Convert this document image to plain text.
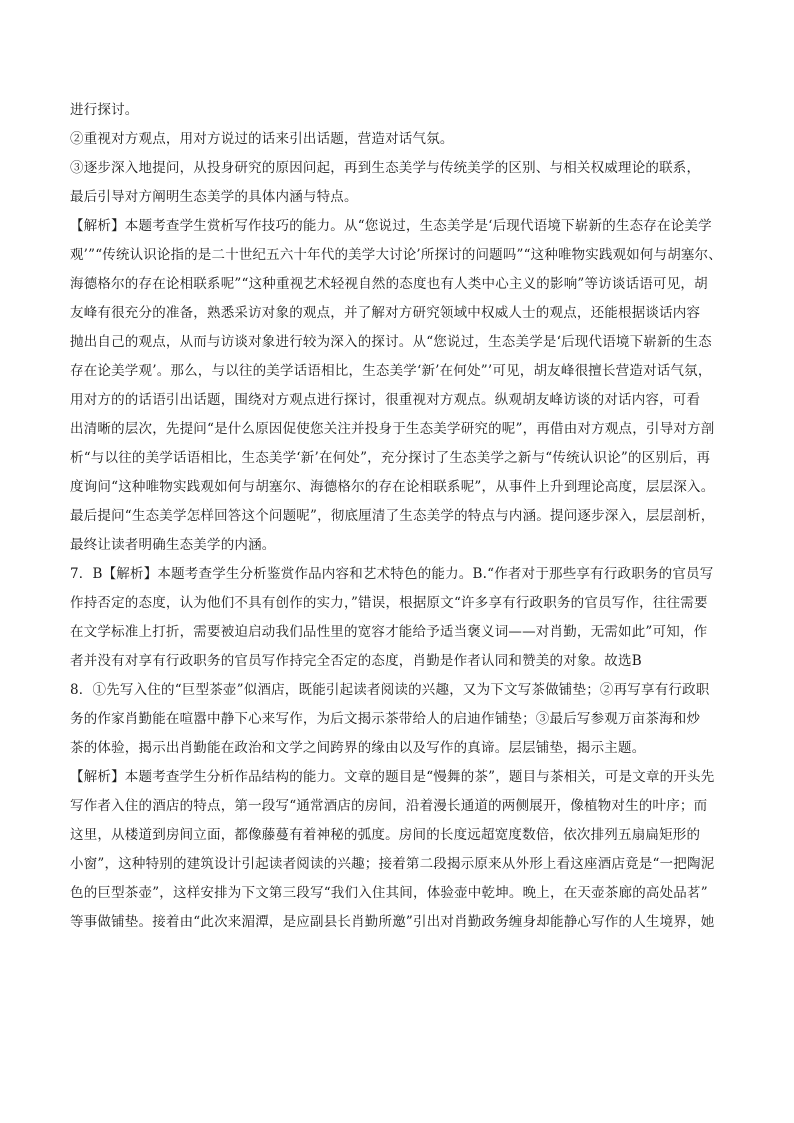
进行探讨。
②重视对方观点，用对方说过的话来引出话题，营造对话气氛。
③逐步深入地提问，从投身研究的原因问起，再到生态美学与传统美学的区别、与相关权威理论的联系，
最后引导对方阐明生态美学的具体内涵与特点。
【解析】本题考查学生赏析写作技巧的能力。从“您说过，生态美学是‘后现代语境下崭新的生态存在论美学
观’”“传统认识论指的是二十世纪五六十年代的美学大讨论’所探讨的问题吗”“这种唯物实践观如何与胡塞尔、
海德格尔的存在论相联系呢”“这种重视艺术轻视自然的态度也有人类中心主义的影响”等访谈话语可见，胡
友峰有很充分的准备，熟悉采访对象的观点，并了解对方研究领域中权威人士的观点，还能根据谈话内容
抛出自己的观点，从而与访谈对象进行较为深入的探讨。从“您说过，生态美学是‘后现代语境下崭新的生态
存在论美学观’。那么，与以往的美学话语相比，生态美学‘新’在何处”’可见，胡友峰很擅长营造对话气氛，
用对方的的话语引出话题，围绕对方观点进行探讨，很重视对方观点。纵观胡友峰访谈的对话内容，可看
出清晰的层次，先提问“是什么原因促使您关注并投身于生态美学研究的呢”，再借由对方观点，引导对方剖
析“与以往的美学话语相比，生态美学‘新’在何处”，充分探讨了生态美学之新与“传统认识论”的区别后，再
度询问“这种唯物实践观如何与胡塞尔、海德格尔的存在论相联系呢”，从事件上升到理论高度，层层深入。
最后提问“生态美学怎样回答这个问题呢”，彻底厘清了生态美学的特点与内涵。提问逐步深入，层层剖析，
最终让读者明确生态美学的内涵。
7．B【解析】本题考查学生分析鉴赏作品内容和艺术特色的能力。B.“作者对于那些享有行政职务的官员写
作持否定的态度，认为他们不具有创作的实力，”错误，根据原文“许多享有行政职务的官员写作，往往需要
在文学标准上打折，需要被迫启动我们品性里的宽容才能给予适当褒义词——对肖勤，无需如此”可知，作
者并没有对享有行政职务的官员写作持完全否定的态度，肖勤是作者认同和赞美的对象。故选B
8．①先写入住的“巨型茶壶”似酒店，既能引起读者阅读的兴趣，又为下文写茶做铺垫；②再写享有行政职
务的作家肖勤能在喧嚣中静下心来写作，为后文揭示茶带给人的启迪作铺垫；③最后写参观万亩茶海和炒
茶的体验，揭示出肖勤能在政治和文学之间跨界的缘由以及写作的真谛。层层铺垫，揭示主题。
【解析】本题考查学生分析作品结构的能力。文章的题目是“慢舞的茶”，题目与茶相关，可是文章的开头先
写作者入住的酒店的特点，第一段写“通常酒店的房间，沿着漫长通道的两侧展开，像植物对生的叶序；而
这里，从楼道到房间立面，都像藤蔓有着神秘的弧度。房间的长度远超宽度数倍，依次排列五扇扁矩形的
小窗”，这种特别的建筑设计引起读者阅读的兴趣；接着第二段揭示原来从外形上看这座酒店竟是“一把陶泥
色的巨型茶壶”，这样安排为下文第三段写“我们入住其间，体验壶中乾坤。晚上，在天壶茶廊的高处品茗”
等事做铺垫。接着由“此次来湄潭，是应副县长肖勤所邀”引出对肖勤政务缠身却能静心写作的人生境界，她
